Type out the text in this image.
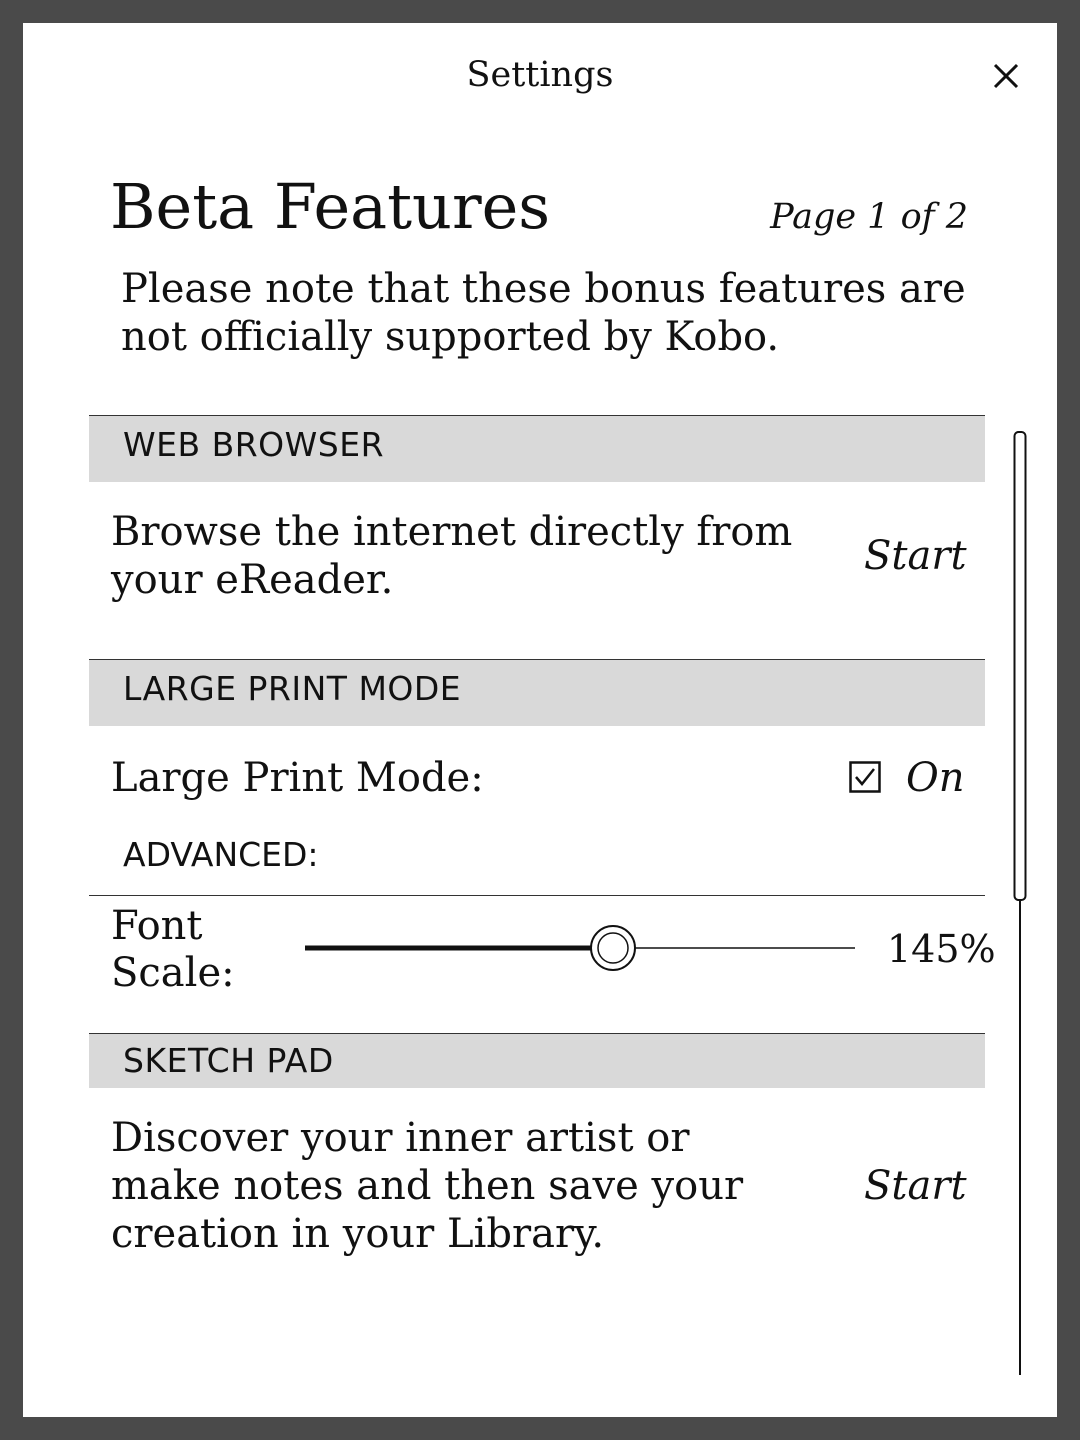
Settings
Beta Features	Page 1 of 2
Please note that these bonus features are not officially supported by Kobo.
WEB BROWSER
Browse the internet directly from your eReader.
Start
LARGE PRINT MODE
Large Print Mode:	On
ADVANCED:
Font Scale:
145%
SKETCH PAD
Discover your inner artist or make notes and then save your creation in your Library.
Start
